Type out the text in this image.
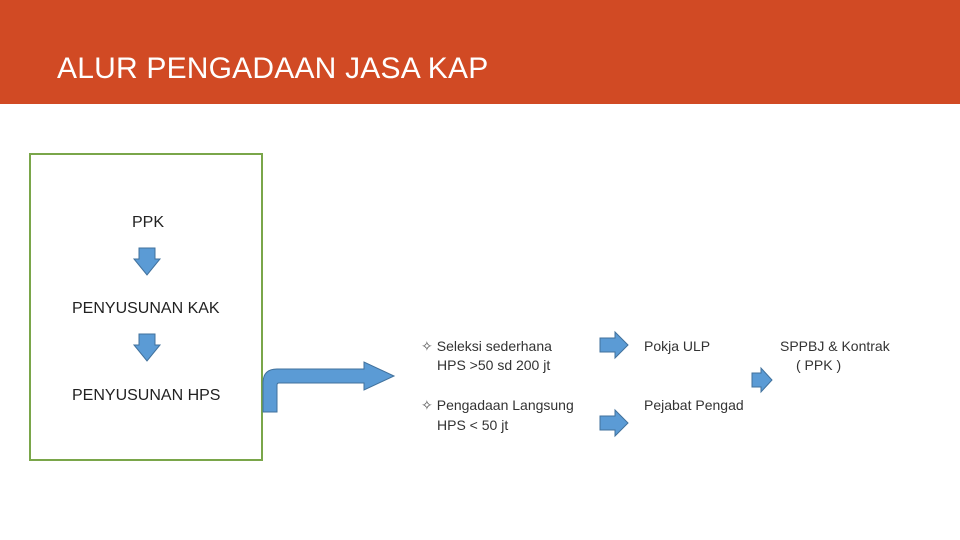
ALUR PENGADAAN JASA KAP
PPK
PENYUSUNAN KAK
PENYUSUNAN HPS
✧ Seleksi sederhana
HPS >50 sd 200 jt
Pokja ULP	SPPBJ & Kontrak
( PPK )
✧ Pengadaan Langsung
HPS < 50 jt
Pejabat Pengad
